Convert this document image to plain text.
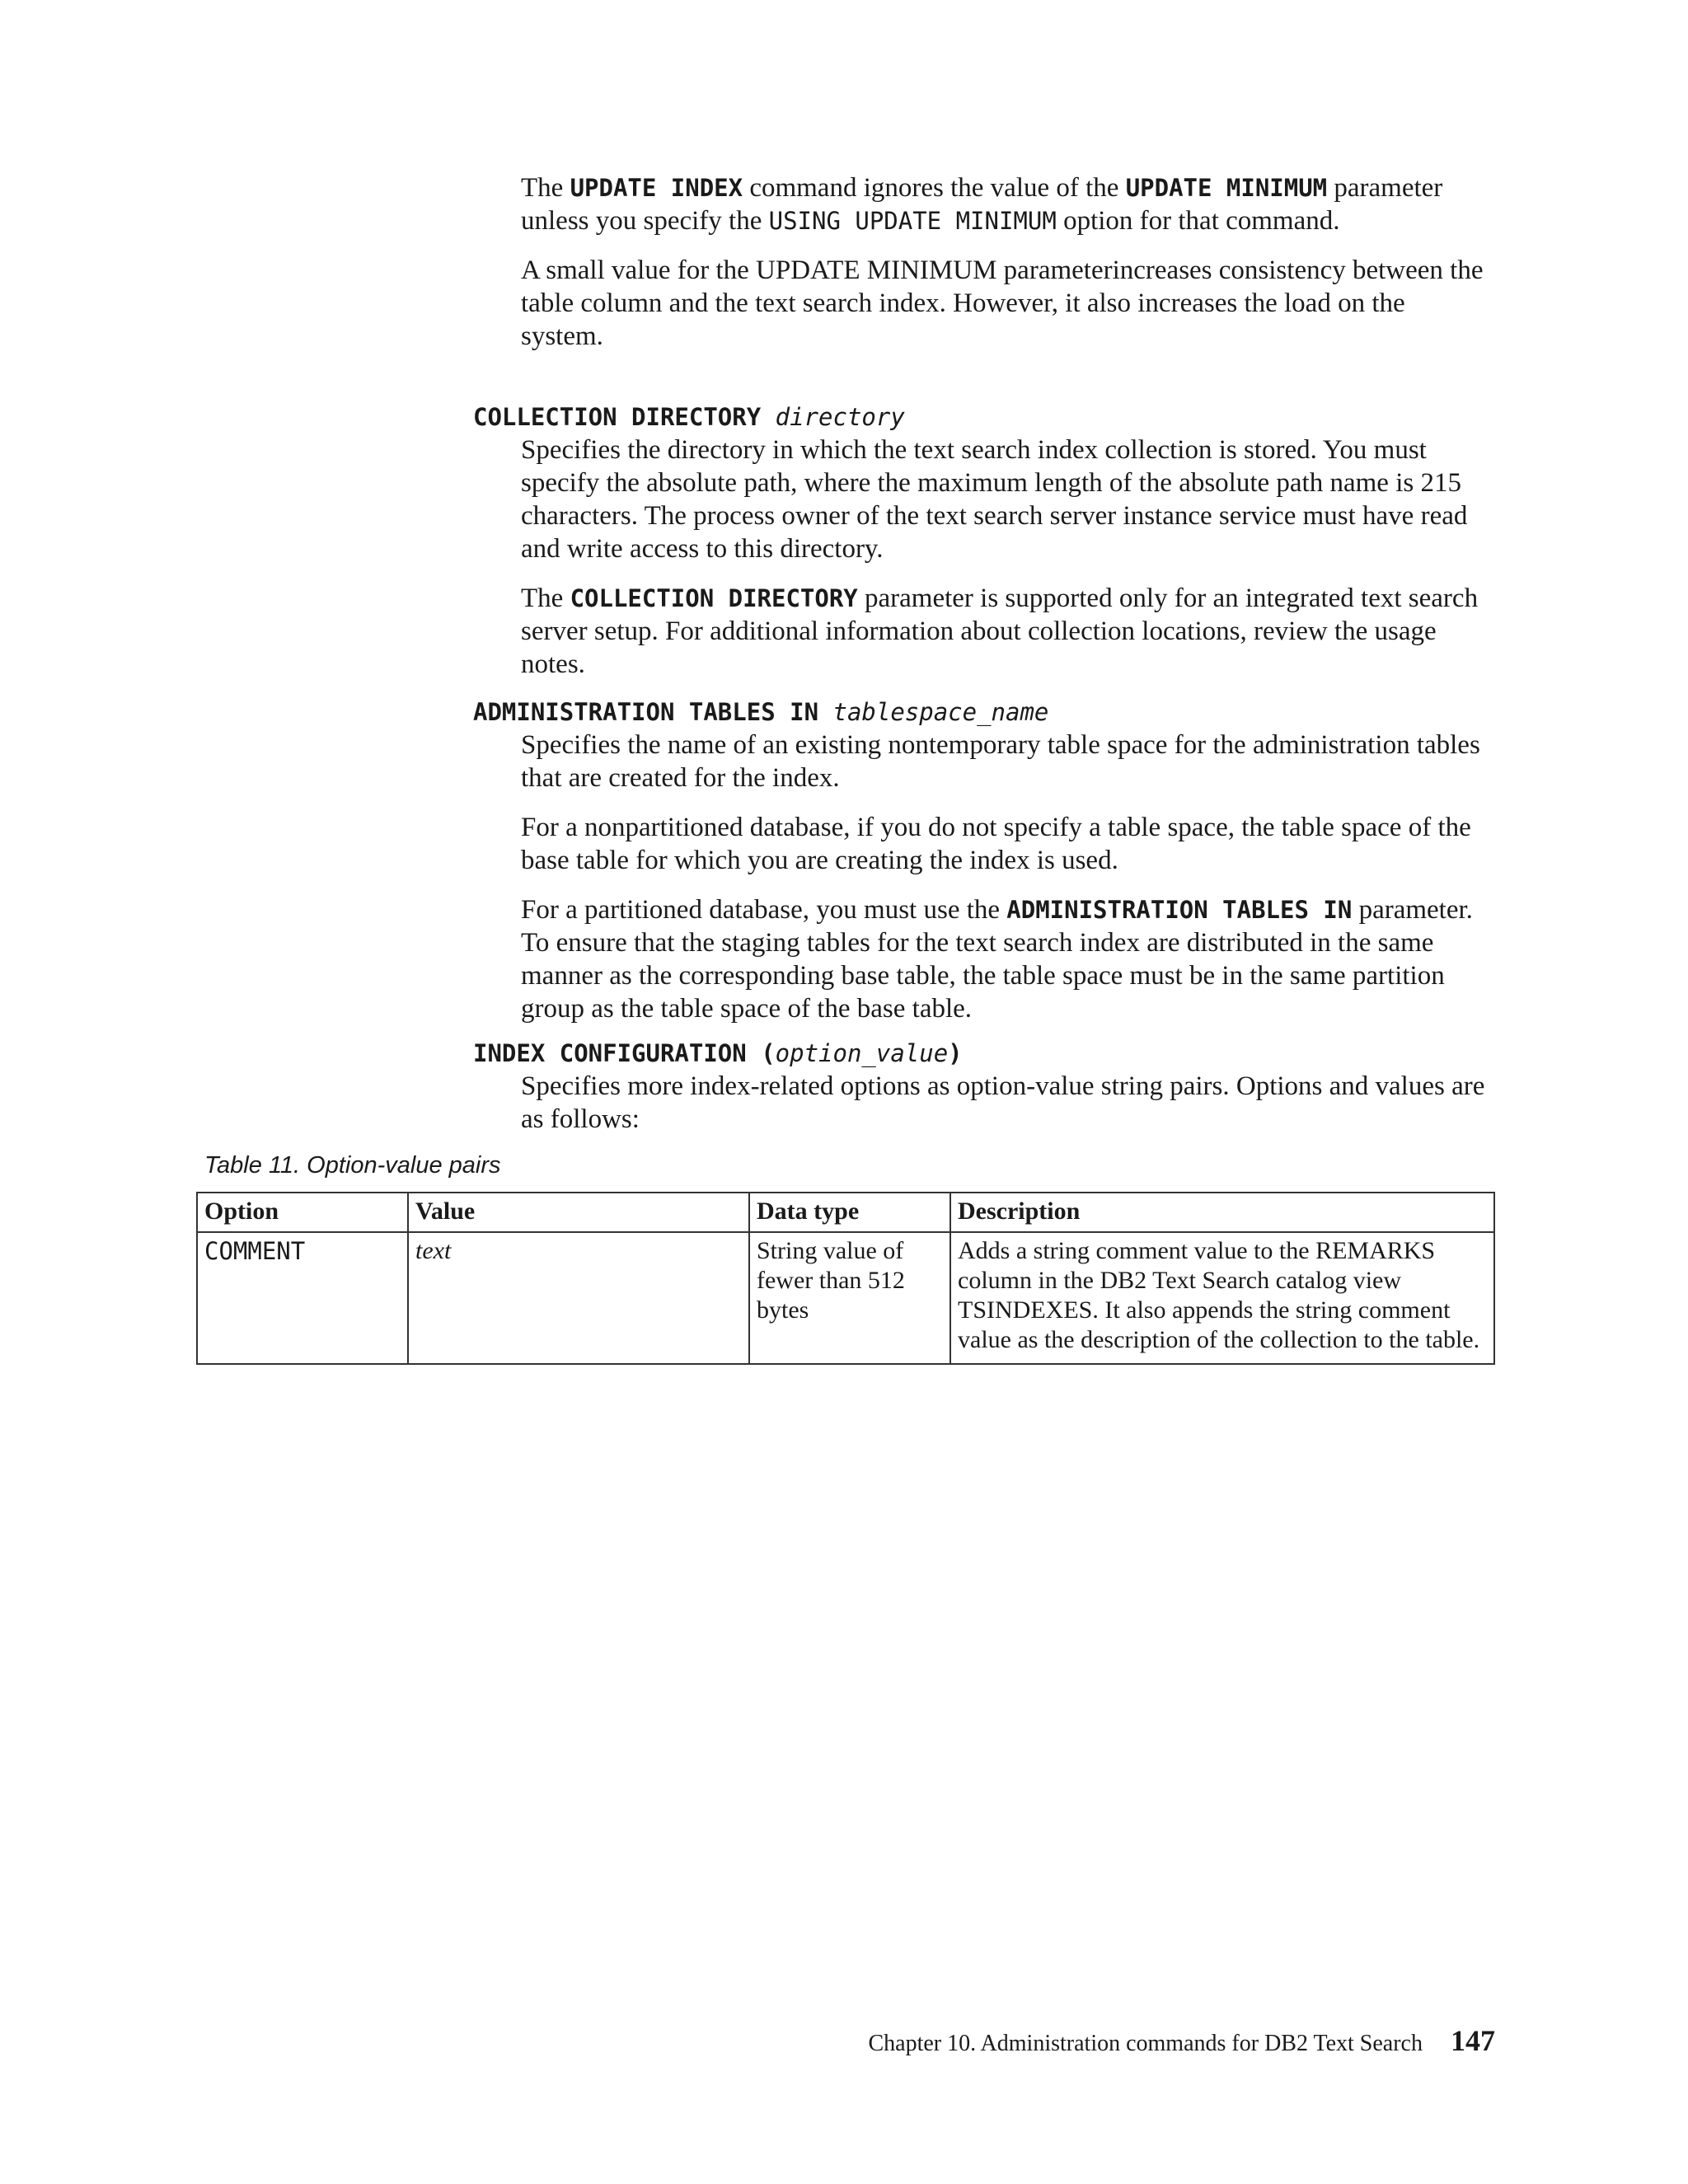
The UPDATE INDEX command ignores the value of the UPDATE MINIMUM parameter unless you specify the USING UPDATE MINIMUM option for that command.

A small value for the UPDATE MINIMUM parameterincreases consistency between the table column and the text search index. However, it also increases the load on the system.

COLLECTION DIRECTORY directory

Specifies the directory in which the text search index collection is stored. You must specify the absolute path, where the maximum length of the absolute path name is 215 characters. The process owner of the text search server instance service must have read and write access to this directory.

The COLLECTION DIRECTORY parameter is supported only for an integrated text search server setup. For additional information about collection locations, review the usage notes.

ADMINISTRATION TABLES IN tablespace_name

Specifies the name of an existing nontemporary table space for the administration tables that are created for the index.

For a nonpartitioned database, if you do not specify a table space, the table space of the base table for which you are creating the index is used.

For a partitioned database, you must use the ADMINISTRATION TABLES IN parameter. To ensure that the staging tables for the text search index are distributed in the same manner as the corresponding base table, the table space must be in the same partition group as the table space of the base table.

INDEX CONFIGURATION (option_value)

Specifies more index-related options as option-value string pairs. Options and values are as follows:

Table 11. Option-value pairs
Option	Value	Data type	Description
COMMENT	text	String value of fewer than 512 bytes	Adds a string comment value to the REMARKS column in the DB2 Text Search catalog view TSINDEXES. It also appends the string comment value as the description of the collection to the table.
Chapter 10. Administration commands for DB2 Text Search 147
